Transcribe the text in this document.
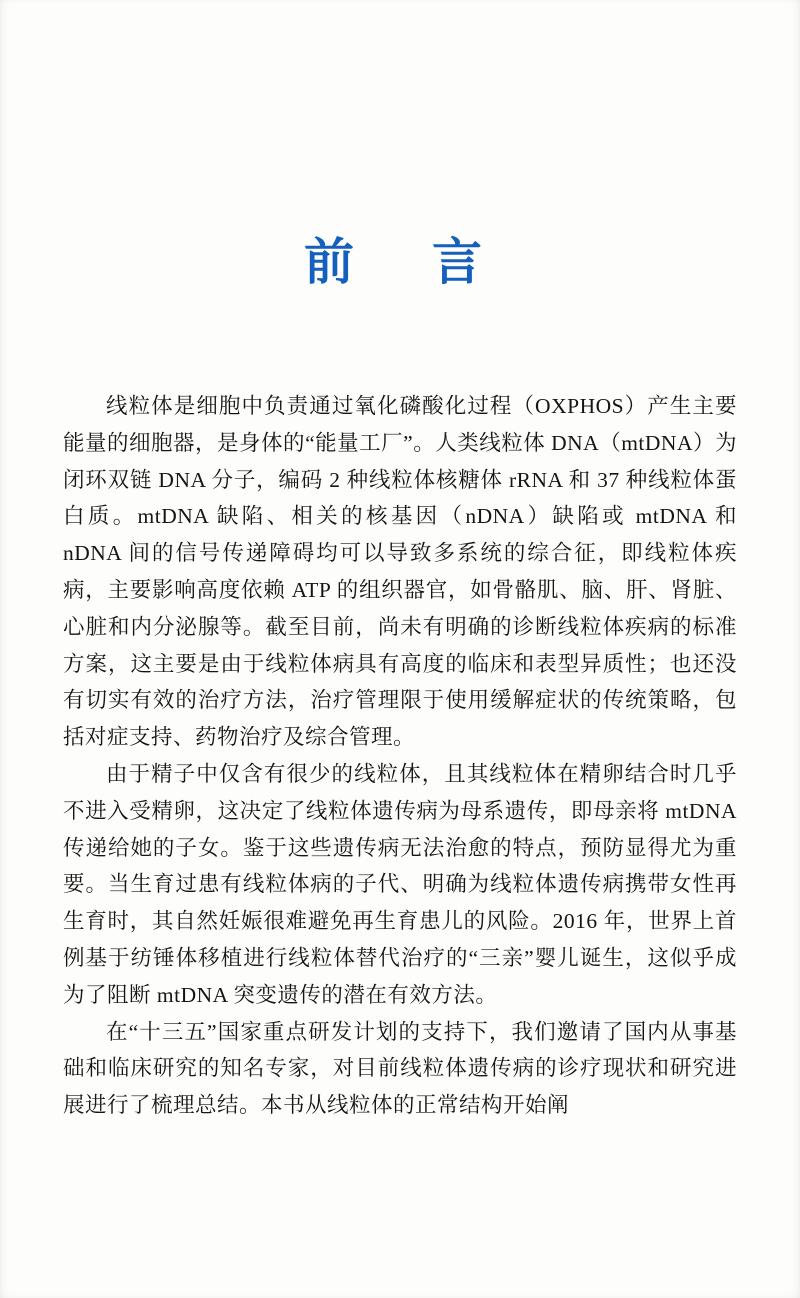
前　言

线粒体是细胞中负责通过氧化磷酸化过程（OXPHOS）产生主要能量的细胞器，是身体的“能量工厂”。人类线粒体 DNA（mtDNA）为闭环双链 DNA 分子，编码 2 种线粒体核糖体 rRNA 和 37 种线粒体蛋白质。mtDNA 缺陷、相关的核基因（nDNA）缺陷或 mtDNA 和 nDNA 间的信号传递障碍均可以导致多系统的综合征，即线粒体疾病，主要影响高度依赖 ATP 的组织器官，如骨骼肌、脑、肝、肾脏、心脏和内分泌腺等。截至目前，尚未有明确的诊断线粒体疾病的标准方案，这主要是由于线粒体病具有高度的临床和表型异质性；也还没有切实有效的治疗方法，治疗管理限于使用缓解症状的传统策略，包括对症支持、药物治疗及综合管理。

由于精子中仅含有很少的线粒体，且其线粒体在精卵结合时几乎不进入受精卵，这决定了线粒体遗传病为母系遗传，即母亲将 mtDNA 传递给她的子女。鉴于这些遗传病无法治愈的特点，预防显得尤为重要。当生育过患有线粒体病的子代、明确为线粒体遗传病携带女性再生育时，其自然妊娠很难避免再生育患儿的风险。2016 年，世界上首例基于纺锤体移植进行线粒体替代治疗的“三亲”婴儿诞生，这似乎成为了阻断 mtDNA 突变遗传的潜在有效方法。

在“十三五”国家重点研发计划的支持下，我们邀请了国内从事基础和临床研究的知名专家，对目前线粒体遗传病的诊疗现状和研究进展进行了梳理总结。本书从线粒体的正常结构开始阐
